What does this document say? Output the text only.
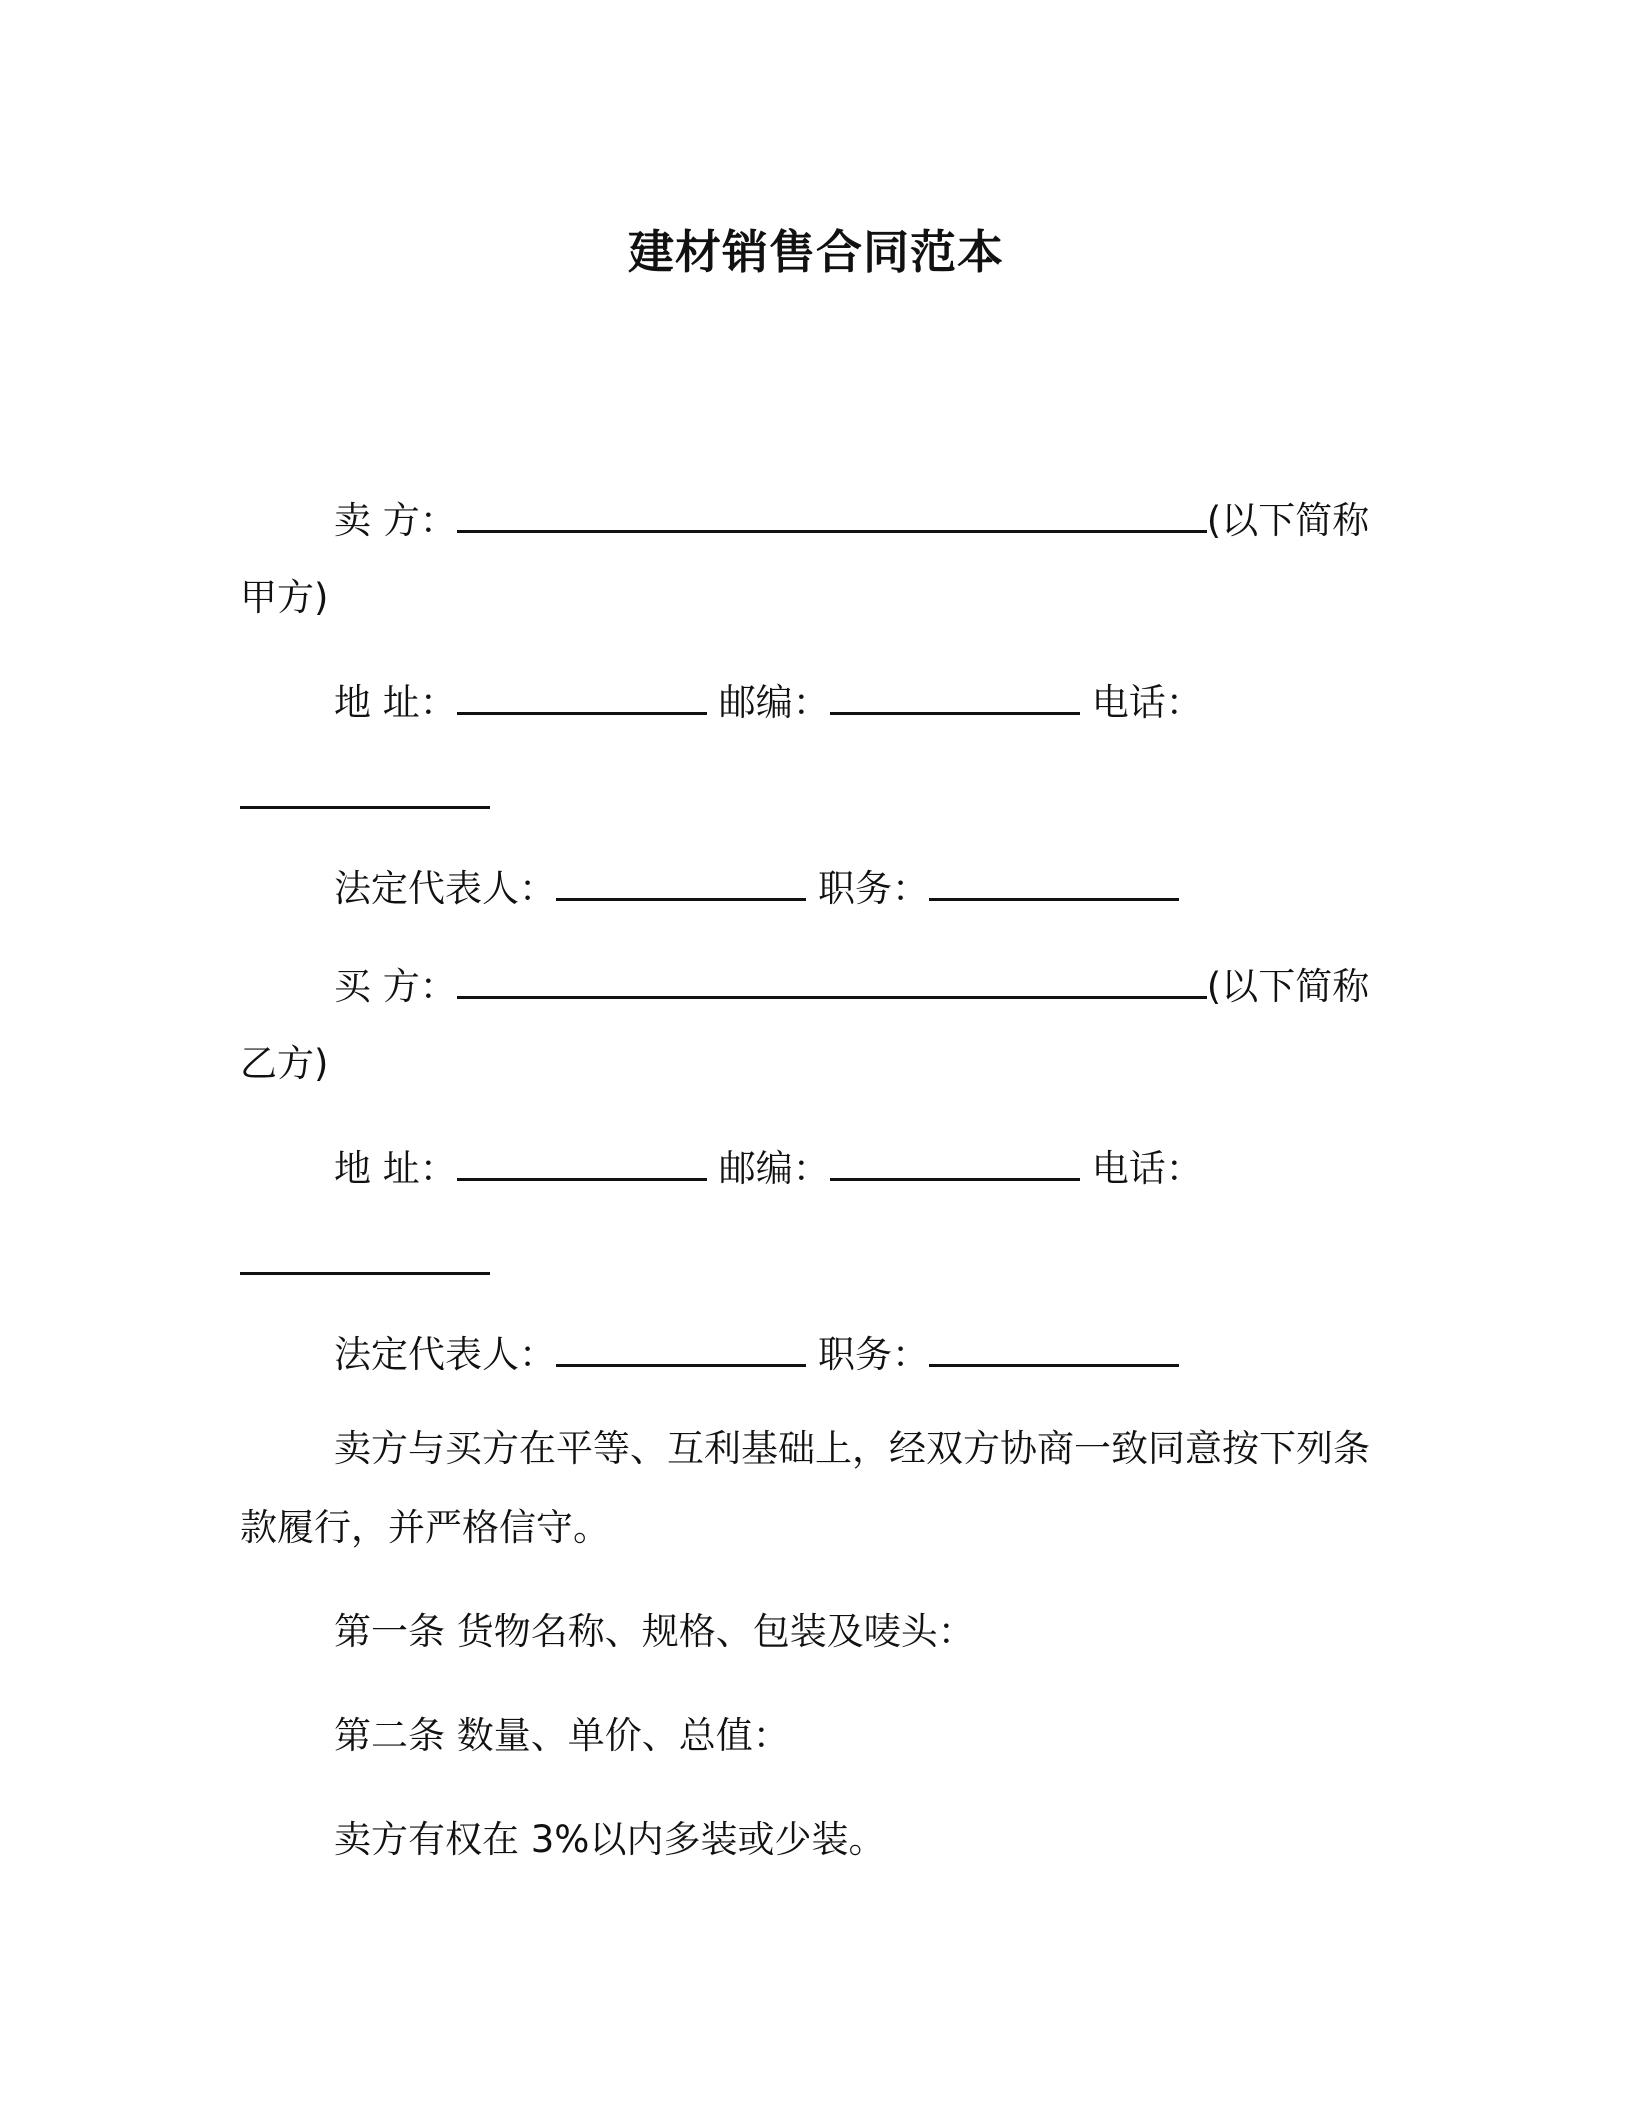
建材销售合同范本
卖 方：	(以下简称
甲方)
地 址：	邮编：	电话：
法定代表人：	职务：
买 方：	(以下简称
乙方)
地 址：	邮编：	电话：
法定代表人：	职务：
卖方与买方在平等、互利基础上，经双方协商一致同意按下列条
款履行，并严格信守。
第一条 货物名称、规格、包装及唛头：
第二条 数量、单价、总值：
卖方有权在 3%以内多装或少装。
